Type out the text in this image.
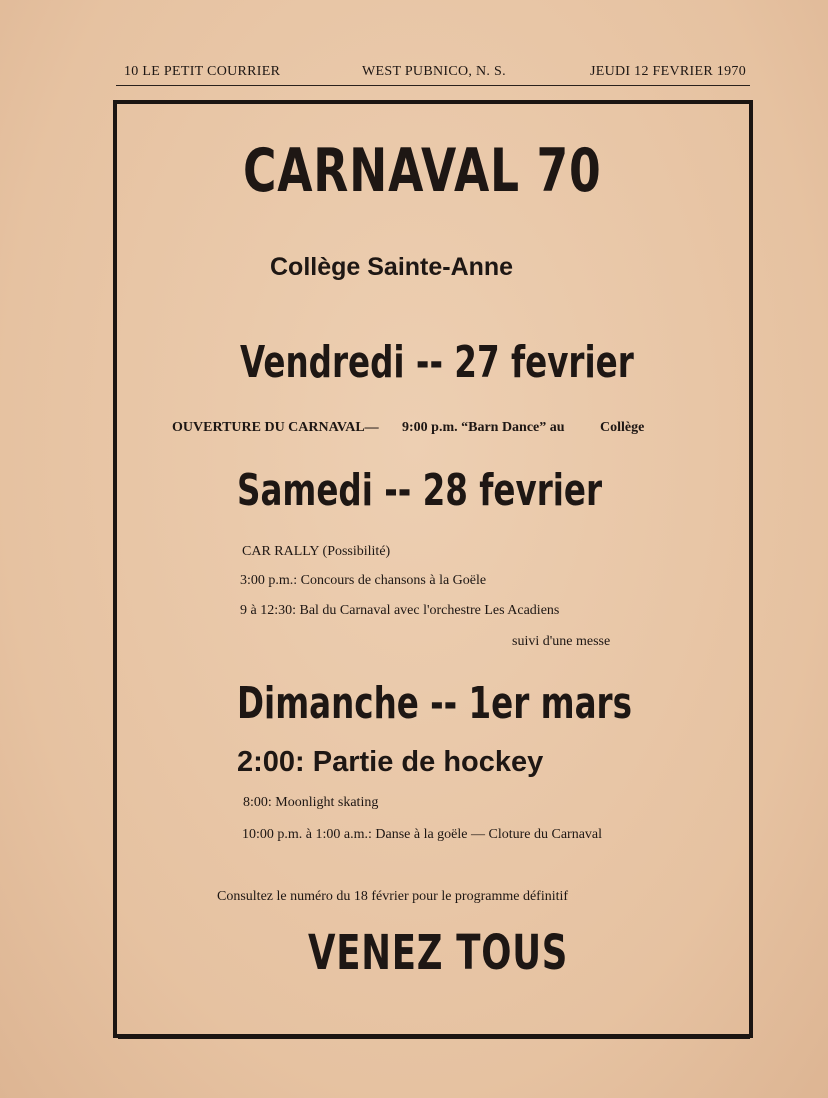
10 LE PETIT COURRIER	WEST PUBNICO, N. S.	JEUDI 12 FEVRIER 1970
CARNAVAL 70
Collège Sainte-Anne
Vendredi -- 27 fevrier
OUVERTURE DU CARNAVAL— 9:00 p.m. “Barn Dance” au	Collège
Samedi -- 28 fevrier
CAR RALLY (Possibilité)
3:00 p.m.: Concours de chansons à la Goële
9 à 12:30: Bal du Carnaval avec l'orchestre Les Acadiens
suivi d'une messe
Dimanche -- 1er mars
2:00: Partie de hockey
8:00: Moonlight skating
10:00 p.m. à 1:00 a.m.: Danse à la goële — Cloture du Carnaval
Consultez le numéro du 18 février pour le programme définitif
VENEZ TOUS
